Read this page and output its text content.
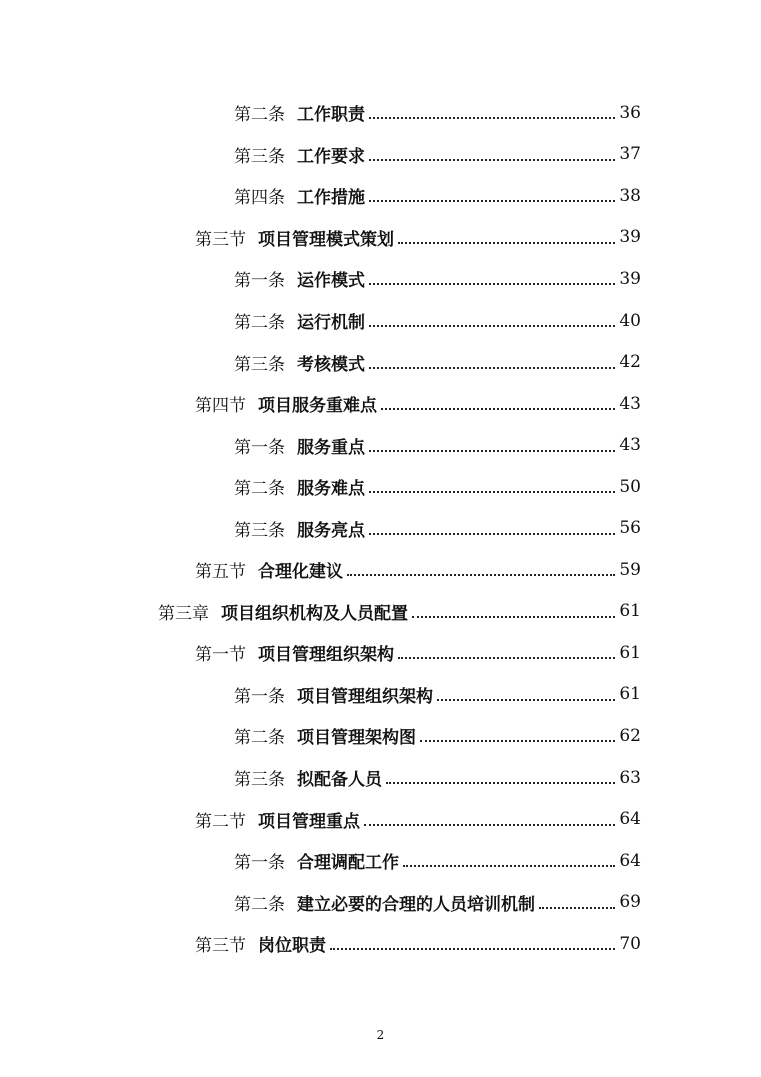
第二条 工作职责	36
第三条 工作要求	37
第四条 工作措施	38
第三节 项目管理模式策划	39
第一条 运作模式	39
第二条 运行机制	40
第三条 考核模式	42
第四节 项目服务重难点	43
第一条 服务重点	43
第二条 服务难点	50
第三条 服务亮点	56
第五节 合理化建议	59
第三章 项目组织机构及人员配置	61
第一节 项目管理组织架构	61
第一条 项目管理组织架构	61
第二条 项目管理架构图	62
第三条 拟配备人员	63
第二节 项目管理重点	64
第一条 合理调配工作	64
第二条 建立必要的合理的人员培训机制	69
第三节 岗位职责	70
2
